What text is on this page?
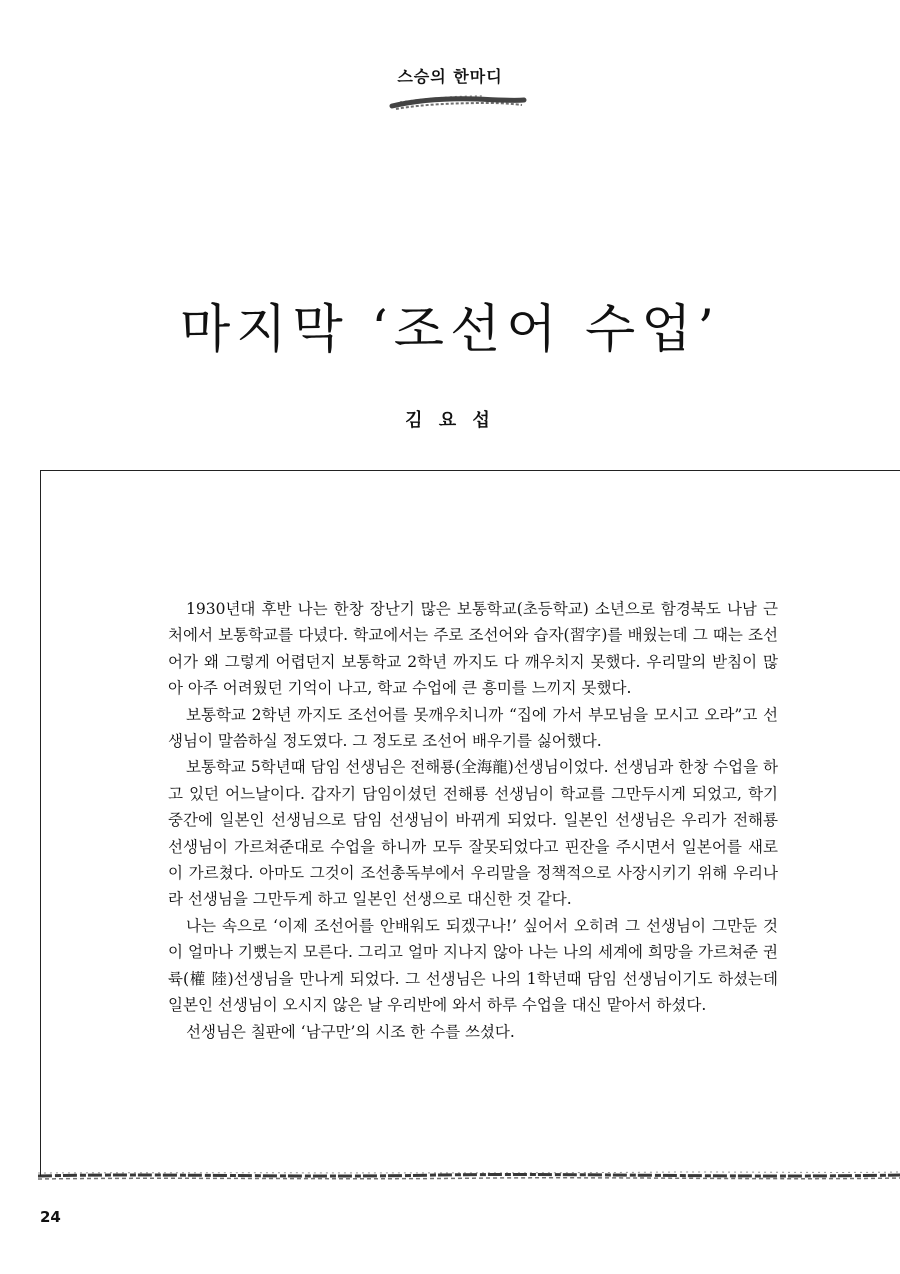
스승의 한마디
마지막 ‘조선어 수업’
김 요 섭

1930년대 후반 나는 한창 장난기 많은 보통학교(초등학교) 소년으로 함경북도 나남 근처에서 보통학교를 다녔다. 학교에서는 주로 조선어와 습자(習字)를 배웠는데 그 때는 조선어가 왜 그렇게 어렵던지 보통학교 2학년 까지도 다 깨우치지 못했다. 우리말의 받침이 많아 아주 어려웠던 기억이 나고, 학교 수업에 큰 흥미를 느끼지 못했다.

보통학교 2학년 까지도 조선어를 못깨우치니까 “집에 가서 부모님을 모시고 오라”고 선생님이 말씀하실 정도였다. 그 정도로 조선어 배우기를 싫어했다.

보통학교 5학년때 담임 선생님은 전해룡(全海龍)선생님이었다. 선생님과 한창 수업을 하고 있던 어느날이다. 갑자기 담임이셨던 전해룡 선생님이 학교를 그만두시게 되었고, 학기 중간에 일본인 선생님으로 담임 선생님이 바뀌게 되었다. 일본인 선생님은 우리가 전해룡 선생님이 가르쳐준대로 수업을 하니까 모두 잘못되었다고 핀잔을 주시면서 일본어를 새로이 가르쳤다. 아마도 그것이 조선총독부에서 우리말을 정책적으로 사장시키기 위해 우리나라 선생님을 그만두게 하고 일본인 선생으로 대신한 것 같다.

나는 속으로 ‘이제 조선어를 안배워도 되겠구나!’ 싶어서 오히려 그 선생님이 그만둔 것이 얼마나 기뻤는지 모른다. 그리고 얼마 지나지 않아 나는 나의 세계에 희망을 가르쳐준 권 륙(權 陸)선생님을 만나게 되었다. 그 선생님은 나의 1학년때 담임 선생님이기도 하셨는데 일본인 선생님이 오시지 않은 날 우리반에 와서 하루 수업을 대신 맡아서 하셨다.

선생님은 칠판에 ‘남구만’의 시조 한 수를 쓰셨다.

24
